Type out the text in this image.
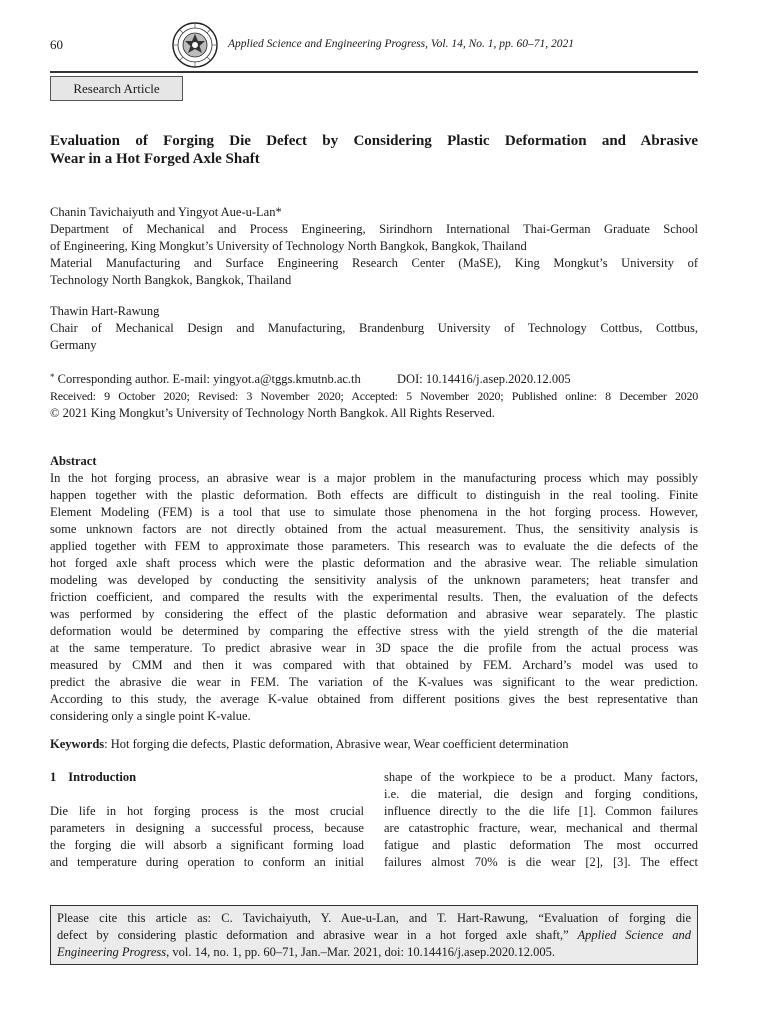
60	Applied Science and Engineering Progress, Vol. 14, No. 1, pp. 60–71, 2021
Research Article
Evaluation of Forging Die Defect by Considering Plastic Deformation and Abrasive
Wear in a Hot Forged Axle Shaft
Chanin Tavichaiyuth and Yingyot Aue-u-Lan*
Department of Mechanical and Process Engineering, Sirindhorn International Thai-German Graduate School
of Engineering, King Mongkut’s University of Technology North Bangkok, Bangkok, Thailand
Material Manufacturing and Surface Engineering Research Center (MaSE), King Mongkut’s University of
Technology North Bangkok, Bangkok, Thailand
Thawin Hart-Rawung
Chair of Mechanical Design and Manufacturing, Brandenburg University of Technology Cottbus, Cottbus,
Germany
* Corresponding author. E-mail: yingyot.a@tggs.kmutnb.ac.th	DOI: 10.14416/j.asep.2020.12.005
Received: 9 October 2020; Revised: 3 November 2020; Accepted: 5 November 2020; Published online: 8 December 2020
© 2021 King Mongkut’s University of Technology North Bangkok. All Rights Reserved.
Abstract
In the hot forging process, an abrasive wear is a major problem in the manufacturing process which may possibly
happen together with the plastic deformation. Both effects are difficult to distinguish in the real tooling. Finite
Element Modeling (FEM) is a tool that use to simulate those phenomena in the hot forging process. However,
some unknown factors are not directly obtained from the actual measurement. Thus, the sensitivity analysis is
applied together with FEM to approximate those parameters. This research was to evaluate the die defects of the
hot forged axle shaft process which were the plastic deformation and the abrasive wear. The reliable simulation
modeling was developed by conducting the sensitivity analysis of the unknown parameters; heat transfer and
friction coefficient, and compared the results with the experimental results. Then, the evaluation of the defects
was performed by considering the effect of the plastic deformation and abrasive wear separately. The plastic
deformation would be determined by comparing the effective stress with the yield strength of the die material
at the same temperature. To predict abrasive wear in 3D space the die profile from the actual process was
measured by CMM and then it was compared with that obtained by FEM. Archard’s model was used to
predict the abrasive die wear in FEM. The variation of the K-values was significant to the wear prediction.
According to this study, the average K-value obtained from different positions gives the best representative than
considering only a single point K-value.
Keywords: Hot forging die defects, Plastic deformation, Abrasive wear, Wear coefficient determination
1 Introduction
Die life in hot forging process is the most crucial
parameters in designing a successful process, because
the forging die will absorb a significant forming load
and temperature during operation to conform an initial
shape of the workpiece to be a product. Many factors,
i.e. die material, die design and forging conditions,
influence directly to the die life [1]. Common failures
are catastrophic fracture, wear, mechanical and thermal
fatigue and plastic deformation The most occurred
failures almost 70% is die wear [2], [3]. The effect
Please cite this article as: C. Tavichaiyuth, Y. Aue-u-Lan, and T. Hart-Rawung, “Evaluation of forging die
defect by considering plastic deformation and abrasive wear in a hot forged axle shaft,” Applied Science and
Engineering Progress, vol. 14, no. 1, pp. 60–71, Jan.–Mar. 2021, doi: 10.14416/j.asep.2020.12.005.
